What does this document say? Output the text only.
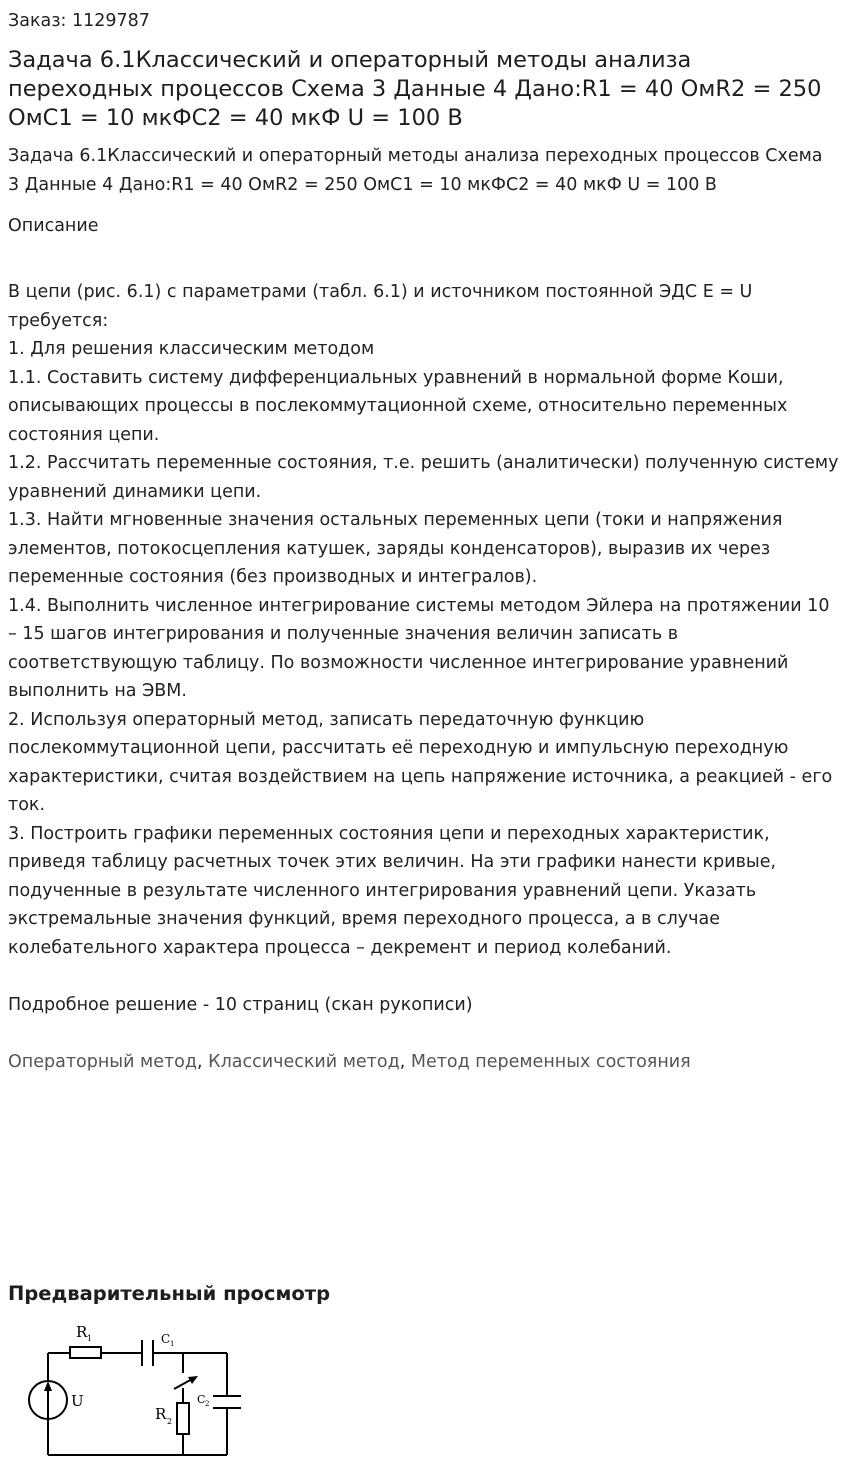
Заказ: 1129787
Задача 6.1Классический и операторный методы анализа переходных процессов Схема 3 Данные 4 Дано:R1 = 40 ОмR2 = 250 ОмC1 = 10 мкФC2 = 40 мкФ U = 100 В
Задача 6.1Классический и операторный методы анализа переходных процессов Схема 3 Данные 4 Дано:R1 = 40 ОмR2 = 250 ОмC1 = 10 мкФC2 = 40 мкФ U = 100 В
Описание

В цепи (рис. 6.1) с параметрами (табл. 6.1) и источником постоянной ЭДС E = U требуется:

1. Для решения классическим методом

1.1. Составить систему дифференциальных уравнений в нормальной форме Коши, описывающих процессы в послекоммутационной схеме, относительно переменных состояния цепи.

1.2. Рассчитать переменные состояния, т.е. решить (аналитически) полученную систему уравнений динамики цепи.

1.3. Найти мгновенные значения остальных переменных цепи (токи и напряжения элементов, потокосцепления катушек, заряды конденсаторов), выразив их через переменные состояния (без производных и интегралов).

1.4. Выполнить численное интегрирование системы методом Эйлера на протяжении 10 – 15 шагов интегрирования и полученные значения величин записать в соответствующую таблицу. По возможности численное интегрирование уравнений выполнить на ЭВМ.

2. Используя операторный метод, записать передаточную функцию послекоммутационной цепи, рассчитать её переходную и импульсную переходную характеристики, считая воздействием на цепь напряжение источника, а реакцией - его ток.

3. Построить графики переменных состояния цепи и переходных характеристик, приведя таблицу расчетных точек этих величин. На эти графики нанести кривые, подученные в результате численного интегрирования уравнений цепи. Указать экстремальные значения функций, время переходного процесса, а в случае колебательного характера процесса – декремент и период колебаний.

Подробное решение - 10 страниц (скан рукописи)
Операторный метод, Классический метод, Метод переменных состояния
Предварительный просмотр
R 1	C 1
U
R 2
C 2
